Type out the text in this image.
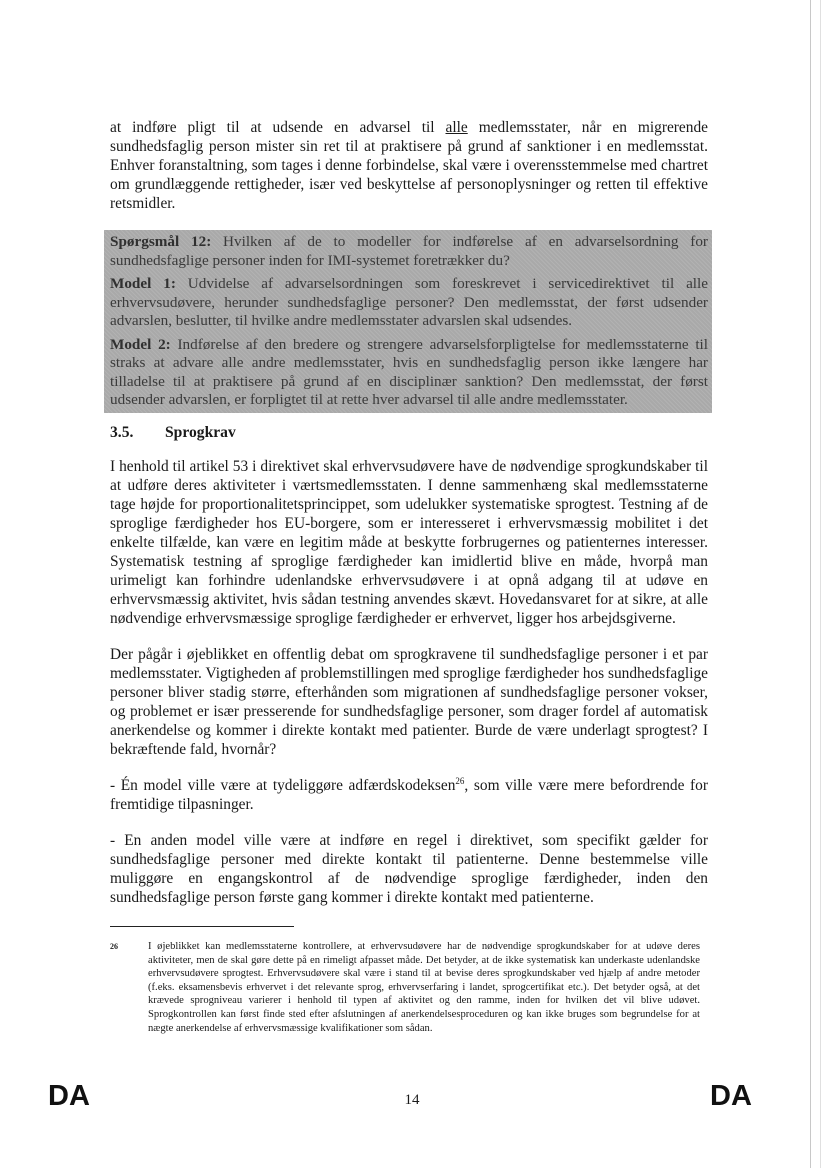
at indføre pligt til at udsende en advarsel til alle medlemsstater, når en migrerende sundhedsfaglig person mister sin ret til at praktisere på grund af sanktioner i en medlemsstat. Enhver foranstaltning, som tages i denne forbindelse, skal være i overensstemmelse med chartret om grundlæggende rettigheder, især ved beskyttelse af personoplysninger og retten til effektive retsmidler.

Spørgsmål 12: Hvilken af de to modeller for indførelse af en advarselsordning for sundhedsfaglige personer inden for IMI-systemet foretrækker du?

Model 1: Udvidelse af advarselsordningen som foreskrevet i servicedirektivet til alle erhvervsudøvere, herunder sundhedsfaglige personer? Den medlemsstat, der først udsender advarslen, beslutter, til hvilke andre medlemsstater advarslen skal udsendes.

Model 2: Indførelse af den bredere og strengere advarselsforpligtelse for medlemsstaterne til straks at advare alle andre medlemsstater, hvis en sundhedsfaglig person ikke længere har tilladelse til at praktisere på grund af en disciplinær sanktion? Den medlemsstat, der først udsender advarslen, er forpligtet til at rette hver advarsel til alle andre medlemsstater.

3.5.	Sprogkrav

I henhold til artikel 53 i direktivet skal erhvervsudøvere have de nødvendige sprogkundskaber til at udføre deres aktiviteter i værtsmedlemsstaten. I denne sammenhæng skal medlemsstaterne tage højde for proportionalitetsprincippet, som udelukker systematiske sprogtest. Testning af de sproglige færdigheder hos EU-borgere, som er interesseret i erhvervsmæssig mobilitet i det enkelte tilfælde, kan være en legitim måde at beskytte forbrugernes og patienternes interesser. Systematisk testning af sproglige færdigheder kan imidlertid blive en måde, hvorpå man urimeligt kan forhindre udenlandske erhvervsudøvere i at opnå adgang til at udøve en erhvervsmæssig aktivitet, hvis sådan testning anvendes skævt. Hovedansvaret for at sikre, at alle nødvendige erhvervsmæssige sproglige færdigheder er erhvervet, ligger hos arbejdsgiverne.

Der pågår i øjeblikket en offentlig debat om sprogkravene til sundhedsfaglige personer i et par medlemsstater. Vigtigheden af problemstillingen med sproglige færdigheder hos sundhedsfaglige personer bliver stadig større, efterhånden som migrationen af sundhedsfaglige personer vokser, og problemet er især presserende for sundhedsfaglige personer, som drager fordel af automatisk anerkendelse og kommer i direkte kontakt med patienter. Burde de være underlagt sprogtest? I bekræftende fald, hvornår?

- Én model ville være at tydeliggøre adfærdskodeksen$^{26}$, som ville være mere befordrende for fremtidige tilpasninger.

- En anden model ville være at indføre en regel i direktivet, som specifikt gælder for sundhedsfaglige personer med direkte kontakt til patienterne. Denne bestemmelse ville muliggøre en engangskontrol af de nødvendige sproglige færdigheder, inden den sundhedsfaglige person første gang kommer i direkte kontakt med patienterne.

26	I øjeblikket kan medlemsstaterne kontrollere, at erhvervsudøvere har de nødvendige sprogkundskaber for at udøve deres aktiviteter, men de skal gøre dette på en rimeligt afpasset måde. Det betyder, at de ikke systematisk kan underkaste udenlandske erhvervsudøvere sprogtest. Erhvervsudøvere skal være i stand til at bevise deres sprogkundskaber ved hjælp af andre metoder (f.eks. eksamensbevis erhvervet i det relevante sprog, erhvervserfaring i landet, sprogcertifikat etc.). Det betyder også, at det krævede sprogniveau varierer i henhold til typen af aktivitet og den ramme, inden for hvilken det vil blive udøvet. Sprogkontrollen kan først finde sted efter afslutningen af anerkendelsesproceduren og kan ikke bruges som begrundelse for at nægte anerkendelse af erhvervsmæssige kvalifikationer som sådan.
DA	14	DA
